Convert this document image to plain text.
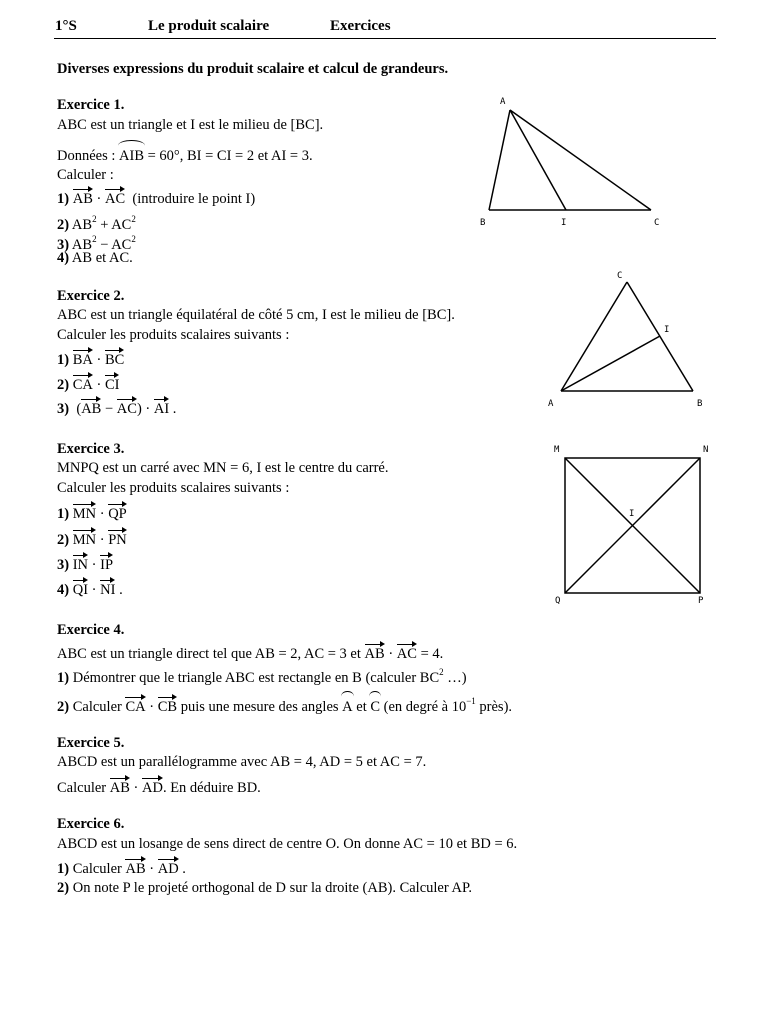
1°S	Le produit scalaire	Exercices
Diverses expressions du produit scalaire et calcul de grandeurs.
Exercice 1.
ABC est un triangle et I est le milieu de [BC].
Données : AIB = 60°, BI = CI = 2 et AI = 3.
Calculer :
1) AB · AC (introduire le point I)
2) $AB^2 + AC^2$
3) $AB^2 - AC^2$
4) AB et AC.
A
B	I	C
Exercice 2.
ABC est un triangle équilatéral de côté 5 cm, I est le milieu de [BC].
Calculer les produits scalaires suivants :
1) BA · BC
2) CA · CI
3)  (AB − AC) · AI .
C
I
A	B
Exercice 3.
MNPQ est un carré avec MN = 6, I est le centre du carré.
Calculer les produits scalaires suivants :
1) MN · QP
2) MN · PN
3) IN · IP
4) QI · NI .
M	N
I
Q	P
Exercice 4.
ABC est un triangle direct tel que AB = 2, AC = 3 et AB · AC = 4.
1) Démontrer que le triangle ABC est rectangle en B (calculer $BC^2$ …)
2) Calculer CA · CB puis une mesure des angles A et C (en degré à $10^{-1}$ près).
Exercice 5.
ABCD est un parallélogramme avec AB = 4, AD = 5 et AC = 7.
Calculer AB · AD. En déduire BD.
Exercice 6.
ABCD est un losange de sens direct de centre O. On donne AC = 10 et BD = 6.
1) Calculer AB · AD .
2) On note P le projeté orthogonal de D sur la droite (AB). Calculer AP.
